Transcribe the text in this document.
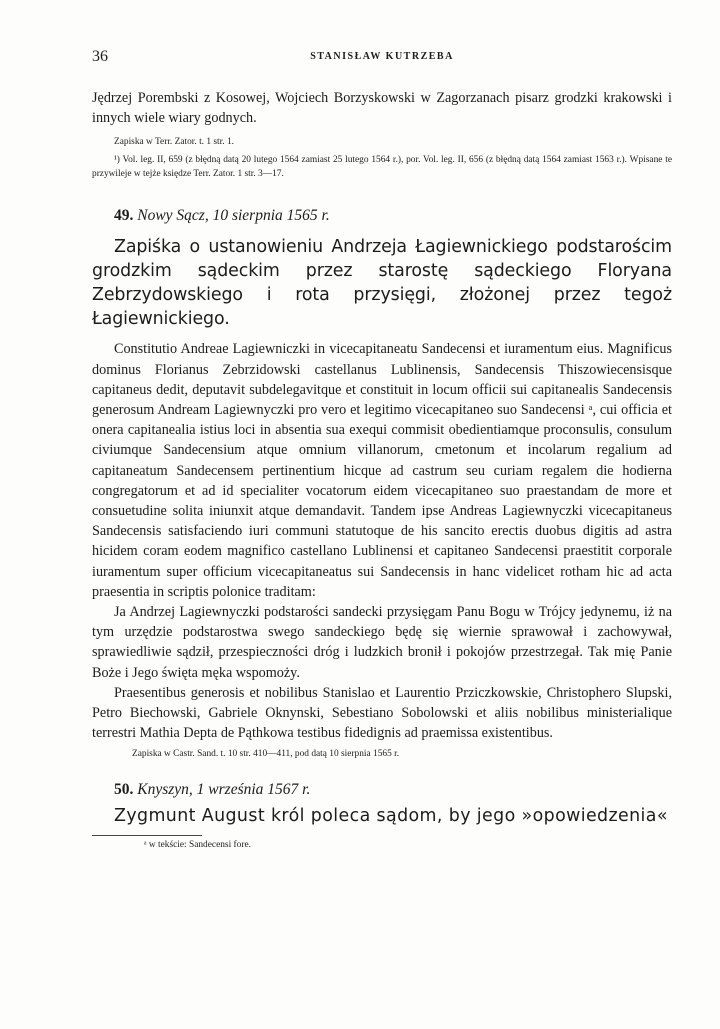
36	STANISŁAW KUTRZEBA

Jędrzej Porembski z Kosowej, Wojciech Borzyskowski w Zagorzanach pisarz grodzki krakowski i innych wiele wiary godnych.

Zapiska w Terr. Zator. t. 1 str. 1.

¹) Vol. leg. II, 659 (z błędną datą 20 lutego 1564 zamiast 25 lutego 1564 r.), por. Vol. leg. II, 656 (z błędną datą 1564 zamiast 1563 r.). Wpisane te przywileje w tejże księdze Terr. Zator. 1 str. 3—17.

49. Nowy Sącz, 10 sierpnia 1565 r.

Zapiśka o ustanowieniu Andrzeja Łagiewnickiego podstarościm grodzkim sądeckim przez starostę sądeckiego Floryana Zebrzydowskiego i rota przysięgi, złożonej przez tegoż Łagiewnickiego.

Constitutio Andreae Lagiewniczki in vicecapitaneatu Sandecensi et iuramentum eius. Magnificus dominus Florianus Zebrzidowski castellanus Lublinensis, Sandecensis Thiszowiecensisque capitaneus dedit, deputavit subdelegavitque et constituit in locum officii sui capitanealis Sandecensis generosum Andream Lagiewnyczki pro vero et legitimo vicecapitaneo suo Sandecensi ᵃ, cui officia et onera capitanealia istius loci in absentia sua exequi commisit obedientiamque proconsulis, consulum civiumque Sandecensium atque omnium villanorum, cmetonum et incolarum regalium ad capitaneatum Sandecensem pertinentium hicque ad castrum seu curiam regalem die hodierna congregatorum et ad id specialiter vocatorum eidem vicecapitaneo suo praestandam de more et consuetudine solita iniunxit atque demandavit. Tandem ipse Andreas Lagiewnyczki vicecapitaneus Sandecensis satisfaciendo iuri communi statutoque de his sancito erectis duobus digitis ad astra hicidem coram eodem magnifico castellano Lublinensi et capitaneo Sandecensi praestitit corporale iuramentum super officium vicecapitaneatus sui Sandecensis in hanc videlicet rotham hic ad acta praesentia in scriptis polonice traditam:

Ja Andrzej Lagiewnyczki podstarości sandecki przysięgam Panu Bogu w Trójcy jedynemu, iż na tym urzędzie podstarostwa swego sandeckiego będę się wiernie sprawował i zachowywał, sprawiedliwie sądził, przespieczności dróg i ludzkich bronił i pokojów przestrzegał. Tak mię Panie Boże i Jego święta męka wspomoży.

Praesentibus generosis et nobilibus Stanislao et Laurentio Prziczkowskie, Christophero Slupski, Petro Biechowski, Gabriele Oknynski, Sebestiano Sobolowski et aliis nobilibus ministerialique terrestri Mathia Depta de Pąthkowa testibus fidedignis ad praemissa existentibus.

Zapiska w Castr. Sand. t. 10 str. 410—411, pod datą 10 sierpnia 1565 r.

50. Knyszyn, 1 września 1567 r.

Zygmunt August król poleca sądom, by jego »opowiedzenia«

ᵃ w tekście: Sandecensi fore.
